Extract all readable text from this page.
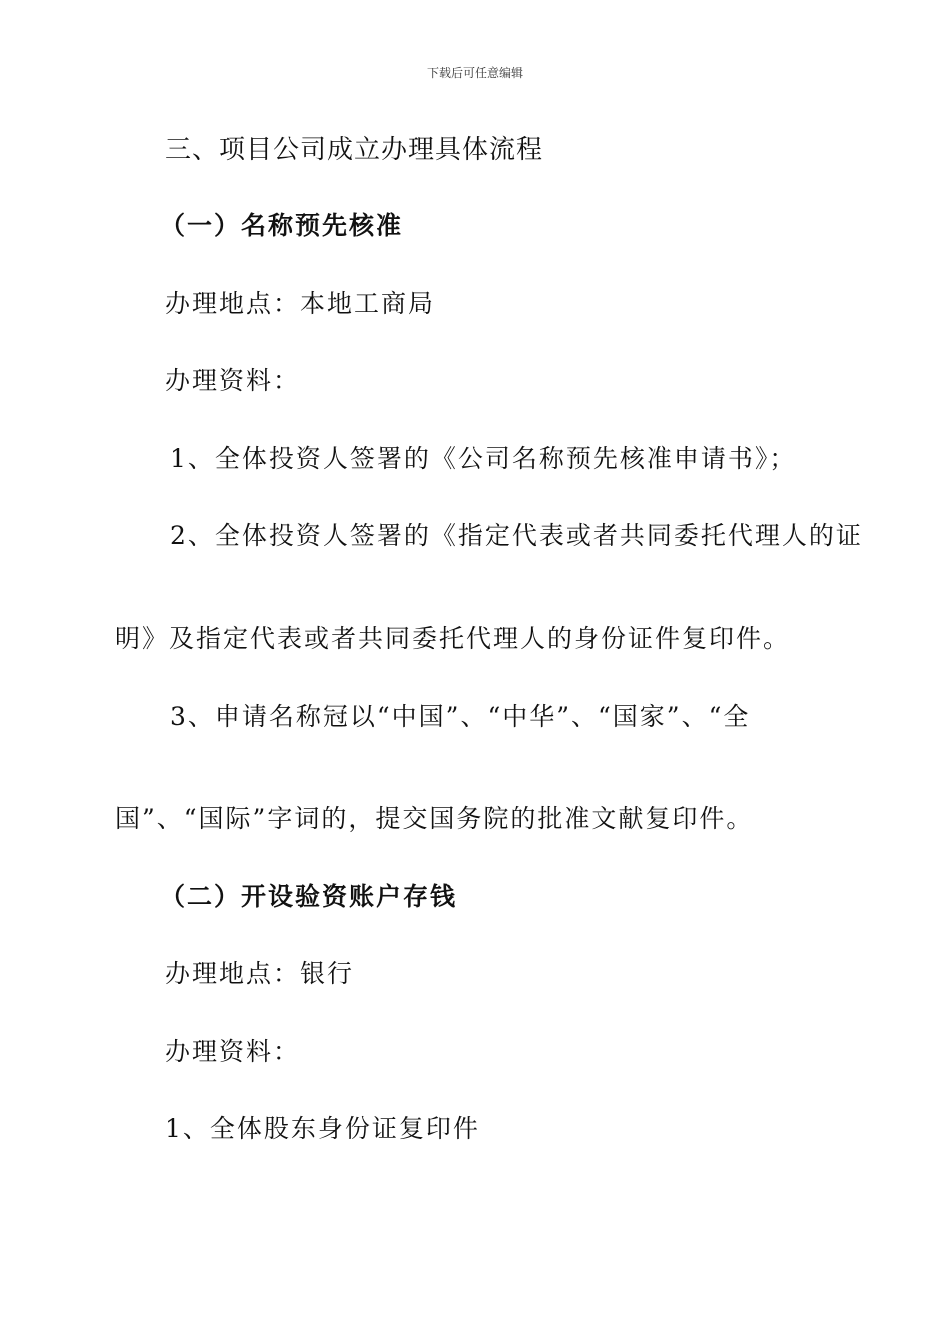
下载后可任意编辑
三、项目公司成立办理具体流程
（一）名称预先核准
办理地点：本地工商局
办理资料：
1、全体投资人签署的《公司名称预先核准申请书》；
2、全体投资人签署的《指定代表或者共同委托代理人的证
明》及指定代表或者共同委托代理人的身份证件复印件。
3、申请名称冠以“中国”、“中华”、“国家”、“全
国”、“国际”字词的，提交国务院的批准文献复印件。
（二）开设验资账户存钱
办理地点：银行
办理资料：
1、全体股东身份证复印件
